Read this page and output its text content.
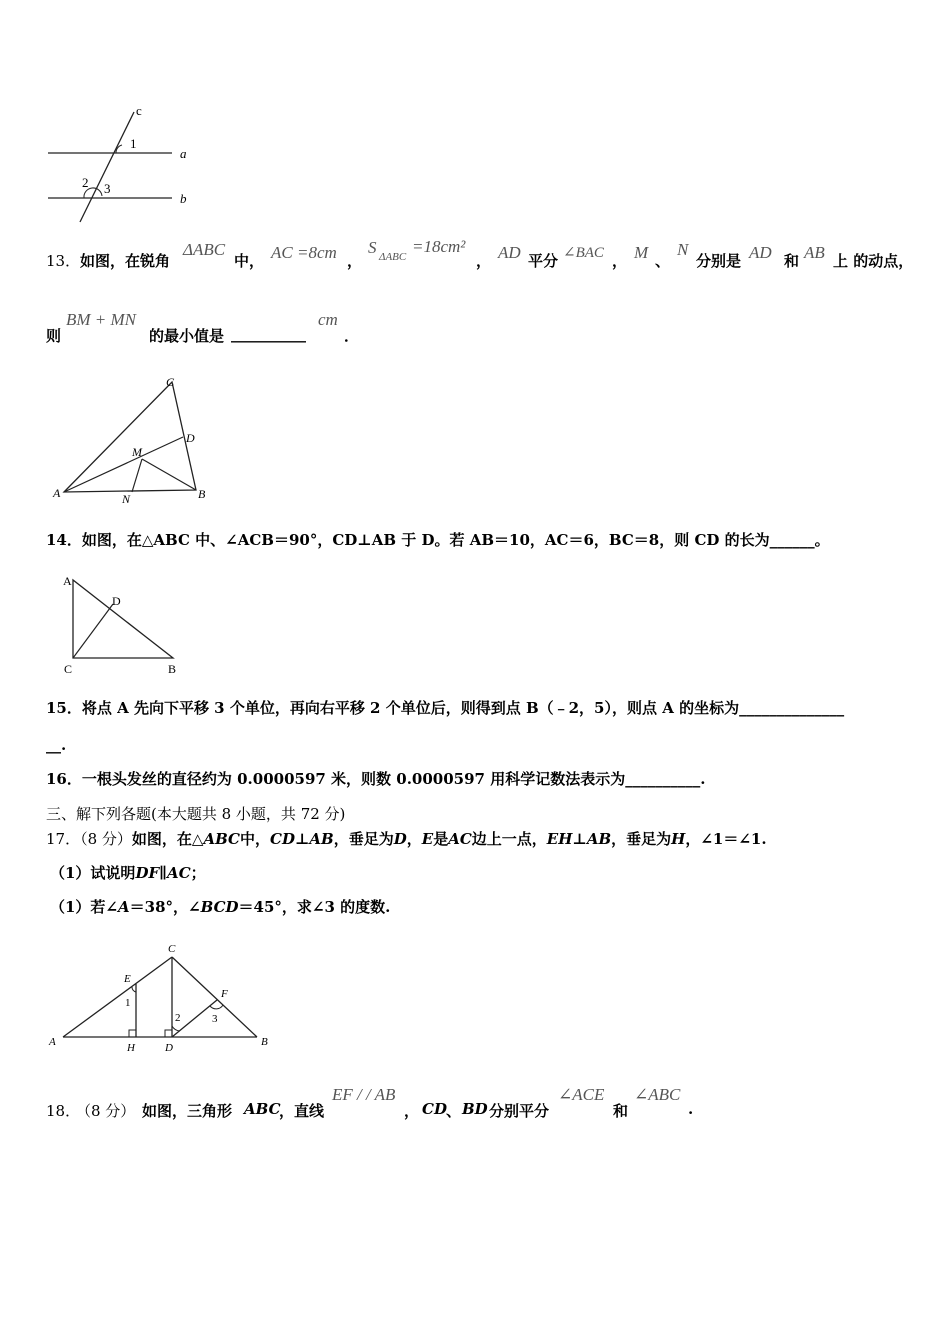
c
1
a
2 3
b
13． 如图，在锐角
ΔABC
中， AC =8cm ，
S ΔABC
=18cm²
， AD 平分 ∠BAC ， M 、
N
分别是 AD 和 AB 上 的动点，
则
BM + MN
的最小值是 __________
cm
．
A
C
D
B
M
N
14．如图，在△ABC 中、∠ACB＝90°，CD⊥AB 于 D。若 AB＝10，AC＝6，BC＝8，则 CD 的长为______。
A
D
C	B
15．将点 A 先向下平移 3 个单位，再向右平移 2 个单位后，则得到点 B（﹣2，5），则点 A 的坐标为______________
__.
16．一根头发丝的直径约为 0.0000597 米，则数 0.0000597 用科学记数法表示为__________.
三、解下列各题(本大题共 8 小题，共 72 分)
17．（8 分）如图，在△ABC中，CD⊥AB，垂足为D，E是AC边上一点，EH⊥AB，垂足为H，∠1＝∠1.
（1）试说明DF∥AC；
（1）若∠A＝38°，∠BCD＝45°，求∠3 的度数.
A
C
E
F
H	D	B
1
2	3
18．
（8 分） 如图，三角形 ABC
，直线
EF / / AB
， CD 、 BD 分别平分
∠ACE
和
∠ABC
.
